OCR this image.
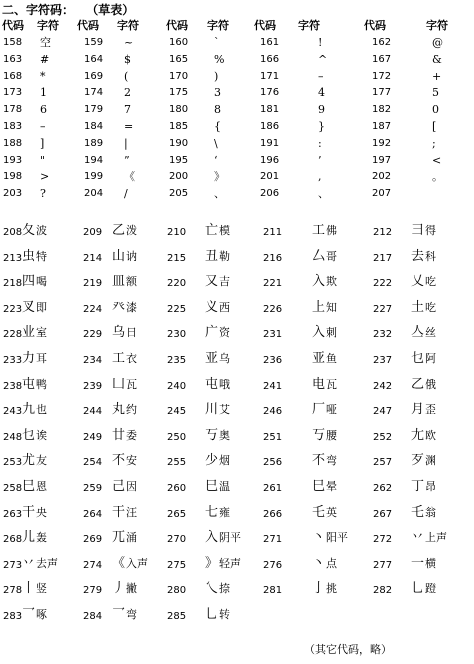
二、字符码： （草表）
代码 字符 代码 字符 代码 字符 代码 字符	代码	字符
158 空	159 ~	160 `	161	!	162	@
163 #	164 $	165 %	166	^	167	&
168 *	169 (	170 )	171	–	172	+
173 1	174 2	175 3	176	4	177	5
178 6	179 7	180 8	181	9	182	0
183 –	184 =	185 {	186	}	187	[
188 ]	189 |	190 \	191	:	192	;
193 "	194 ”	195 ‘	196	’	197	<
198 >	199 《	200 》	201	,	202	。
203 ?	204 /	205 、	206	、	207
208 夂波	209 乙泼	210 亡模	211 工佛	212 彐得
213 虫特	214 山讷	215 丑勒	216 厶哥	217 去科
218 四喝	219 皿额	220 又吉	221 入欺	222 乂吃
223 叉即	224 癶漆	225 义西	226 上知	227 土吃
228 业室	229 乌日	230 广资	231 入刺	232 亼丝
233 力耳	234 工衣	235 亚乌	236 亚鱼	237 乜阿
238 屯鸭	239 凵瓦	240 屯哦	241 电瓦	242 乙俄
243 九也	244 丸约	245 川艾	246 厂哑	247 月歪
248 乜诶	249 廿委	250 丂奥	251 丂腰	252 尢欧
253 尤友	254 不安	255 少烟	256 不弯	257 歹渊
258 巳恩	259 己因	260 巳温	261 巳晕	262 丁昂
263 干央	264 干汪	265 七雍	266 乇英	267 乇翁
268 儿轰	269 兀涌	270 入阴平 271 丶阳平 272 丷上声
273 丷去声 274 《入声 275 》轻声 276 丶点	277 一横
278 丨竖	279 丿撇	280 乀捺	281 亅挑	282 乚蹬
283 乛啄	284 乛弯	285 乚转
（其它代码，略）
